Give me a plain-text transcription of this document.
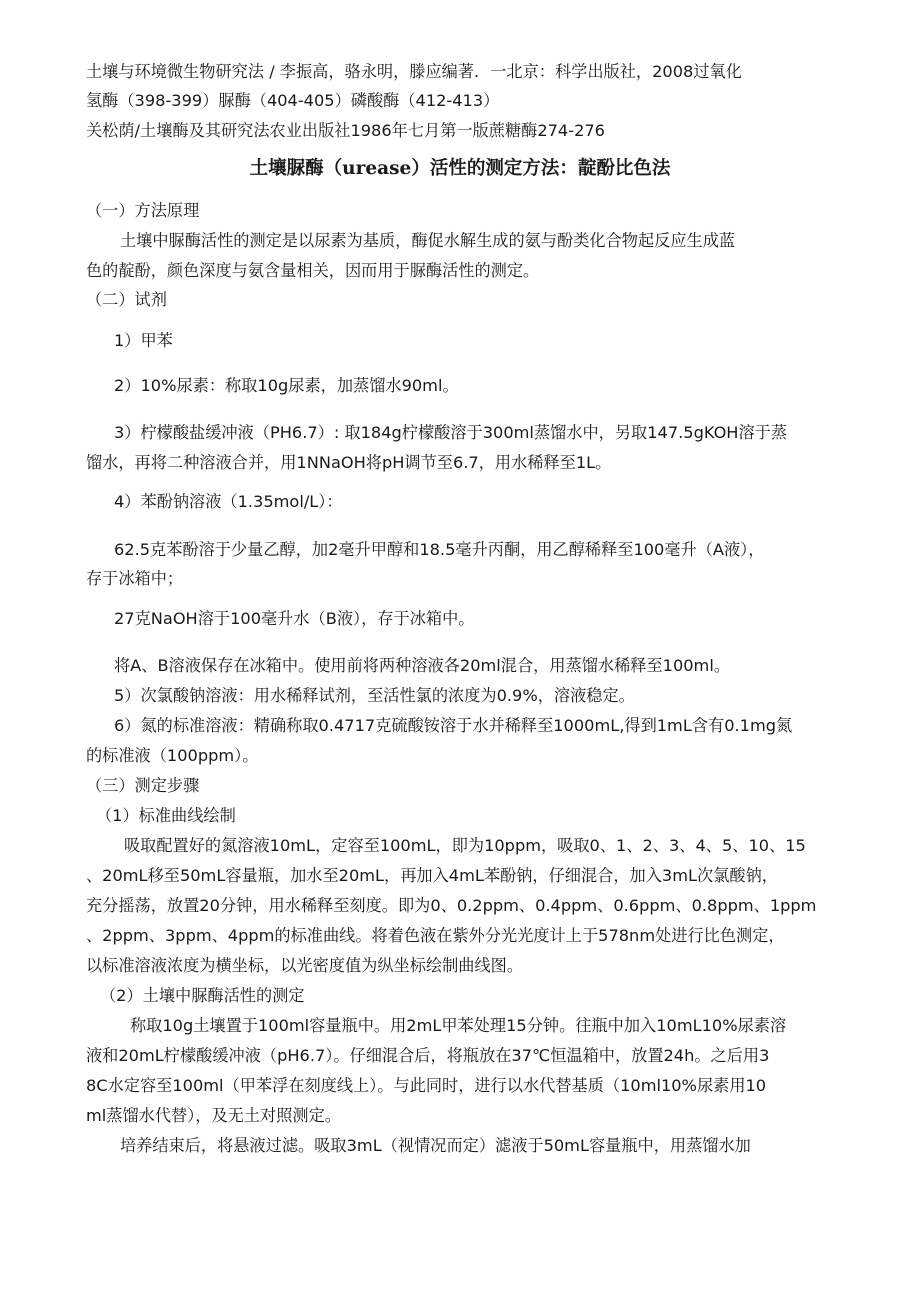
土壤与环境微生物研究法 / 李振高，骆永明，滕应编著．一北京：科学出版社，2008过氧化

氢酶（398-399）脲酶（404-405）磷酸酶（412-413）

关松荫/土壤酶及其研究法农业出版社1986年七月第一版蔗糖酶274-276

土壤脲酶（urease）活性的测定方法：靛酚比色法

（一）方法原理

土壤中脲酶活性的测定是以尿素为基质，酶促水解生成的氨与酚类化合物起反应生成蓝

色的靛酚，颜色深度与氨含量相关，因而用于脲酶活性的测定。

（二）试剂

1）甲苯

2）10%尿素：称取10g尿素，加蒸馏水90ml。

3）柠檬酸盐缓冲液（PH6.7）: 取184g柠檬酸溶于300ml蒸馏水中，另取147.5gKOH溶于蒸

馏水，再将二种溶液合并，用1NNaOH将pH调节至6.7，用水稀释至1L。

4）苯酚钠溶液（1.35mol/L）：

62.5克苯酚溶于少量乙醇，加2毫升甲醇和18.5毫升丙酮，用乙醇稀释至100毫升（A液），

存于冰箱中；

27克NaOH溶于100毫升水（B液），存于冰箱中。

将A、B溶液保存在冰箱中。使用前将两种溶液各20ml混合，用蒸馏水稀释至100ml。

5）次氯酸钠溶液：用水稀释试剂，至活性氯的浓度为0.9%，溶液稳定。

6）氮的标准溶液：精确称取0.4717克硫酸铵溶于水并稀释至1000mL,得到1mL含有0.1mg氮

的标准液（100ppm）。

（三）测定步骤

（1）标准曲线绘制

吸取配置好的氮溶液10mL，定容至100mL，即为10ppm，吸取0、1、2、3、4、5、10、15

、20mL移至50mL容量瓶，加水至20mL，再加入4mL苯酚钠，仔细混合，加入3mL次氯酸钠，

充分摇荡，放置20分钟，用水稀释至刻度。即为0、0.2ppm、0.4ppm、0.6ppm、0.8ppm、1ppm

、2ppm、3ppm、4ppm的标准曲线。将着色液在紫外分光光度计上于578nm处进行比色测定，

以标准溶液浓度为横坐标，以光密度值为纵坐标绘制曲线图。

（2）土壤中脲酶活性的测定

称取10g土壤置于100ml容量瓶中。用2mL甲苯处理15分钟。往瓶中加入10mL10%尿素溶

液和20mL柠檬酸缓冲液（pH6.7）。仔细混合后，将瓶放在37℃恒温箱中，放置24h。之后用3

8C水定容至100ml（甲苯浮在刻度线上）。与此同时，进行以水代替基质（10ml10%尿素用10

ml蒸馏水代替），及无土对照测定。

培养结束后，将悬液过滤。吸取3mL（视情况而定）滤液于50mL容量瓶中，用蒸馏水加
